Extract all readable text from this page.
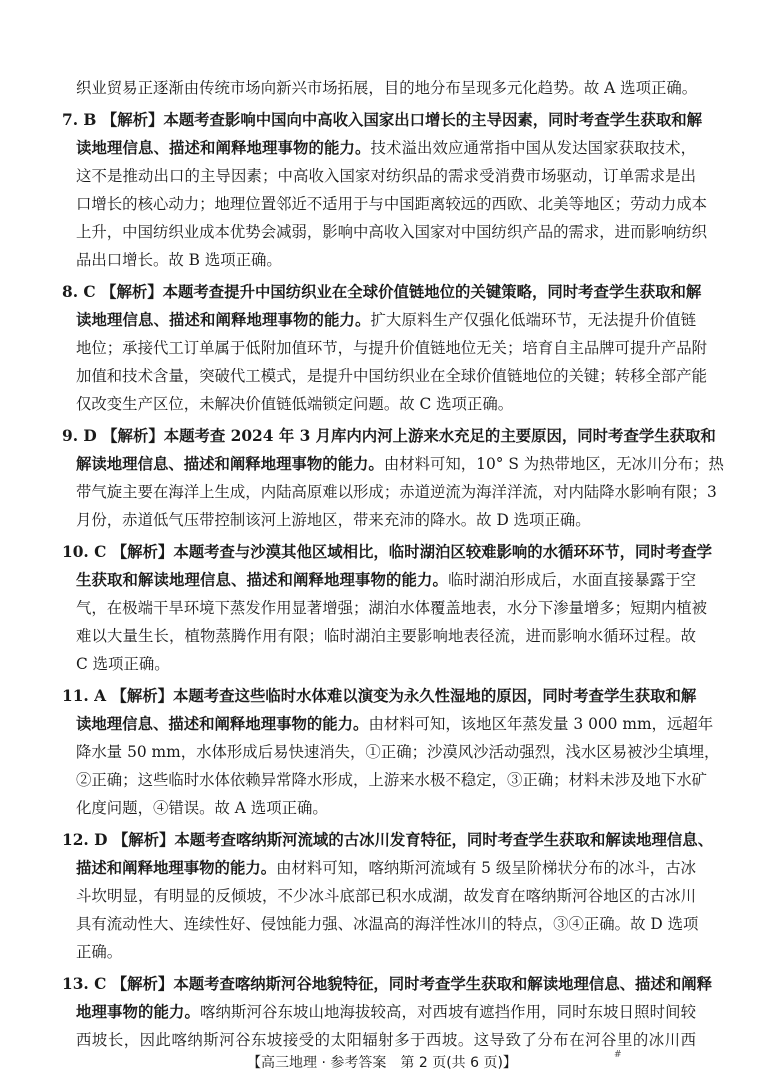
织业贸易正逐渐由传统市场向新兴市场拓展，目的地分布呈现多元化趋势。故 A 选项正确。
7. B 【解析】本题考查影响中国向中高收入国家出口增长的主导因素，同时考查学生获取和解
读地理信息、描述和阐释地理事物的能力。技术溢出效应通常指中国从发达国家获取技术，
这不是推动出口的主导因素；中高收入国家对纺织品的需求受消费市场驱动，订单需求是出
口增长的核心动力；地理位置邻近不适用于与中国距离较远的西欧、北美等地区；劳动力成本
上升，中国纺织业成本优势会减弱，影响中高收入国家对中国纺织产品的需求，进而影响纺织
品出口增长。故 B 选项正确。
8. C 【解析】本题考查提升中国纺织业在全球价值链地位的关键策略，同时考查学生获取和解
读地理信息、描述和阐释地理事物的能力。扩大原料生产仅强化低端环节，无法提升价值链
地位；承接代工订单属于低附加值环节，与提升价值链地位无关；培育自主品牌可提升产品附
加值和技术含量，突破代工模式，是提升中国纺织业在全球价值链地位的关键；转移全部产能
仅改变生产区位，未解决价值链低端锁定问题。故 C 选项正确。
9. D 【解析】本题考查 2024 年 3 月库内内河上游来水充足的主要原因，同时考查学生获取和
解读地理信息、描述和阐释地理事物的能力。由材料可知，10° S 为热带地区，无冰川分布；热
带气旋主要在海洋上生成，内陆高原难以形成；赤道逆流为海洋洋流，对内陆降水影响有限；3
月份，赤道低气压带控制该河上游地区，带来充沛的降水。故 D 选项正确。
10. C 【解析】本题考查与沙漠其他区域相比，临时湖泊区较难影响的水循环环节，同时考查学
生获取和解读地理信息、描述和阐释地理事物的能力。临时湖泊形成后，水面直接暴露于空
气，在极端干旱环境下蒸发作用显著增强；湖泊水体覆盖地表，水分下渗量增多；短期内植被
难以大量生长，植物蒸腾作用有限；临时湖泊主要影响地表径流，进而影响水循环过程。故
C 选项正确。
11. A 【解析】本题考查这些临时水体难以演变为永久性湿地的原因，同时考查学生获取和解
读地理信息、描述和阐释地理事物的能力。由材料可知，该地区年蒸发量 3 000 mm，远超年
降水量 50 mm，水体形成后易快速消失，①正确；沙漠风沙活动强烈，浅水区易被沙尘填埋，
②正确；这些临时水体依赖异常降水形成，上游来水极不稳定，③正确；材料未涉及地下水矿
化度问题，④错误。故 A 选项正确。
12. D 【解析】本题考查喀纳斯河流域的古冰川发育特征，同时考查学生获取和解读地理信息、
描述和阐释地理事物的能力。由材料可知，喀纳斯河流域有 5 级呈阶梯状分布的冰斗，古冰
斗坎明显，有明显的反倾坡，不少冰斗底部已积水成湖，故发育在喀纳斯河谷地区的古冰川
具有流动性大、连续性好、侵蚀能力强、冰温高的海洋性冰川的特点，③④正确。故 D 选项
正确。
13. C 【解析】本题考查喀纳斯河谷地貌特征，同时考查学生获取和解读地理信息、描述和阐释
地理事物的能力。喀纳斯河谷东坡山地海拔较高，对西坡有遮挡作用，同时东坡日照时间较
西坡长，因此喀纳斯河谷东坡接受的太阳辐射多于西坡。这导致了分布在河谷里的冰川西
【高三地理 · 参考答案　第 2 页(共 6 页)】	#
